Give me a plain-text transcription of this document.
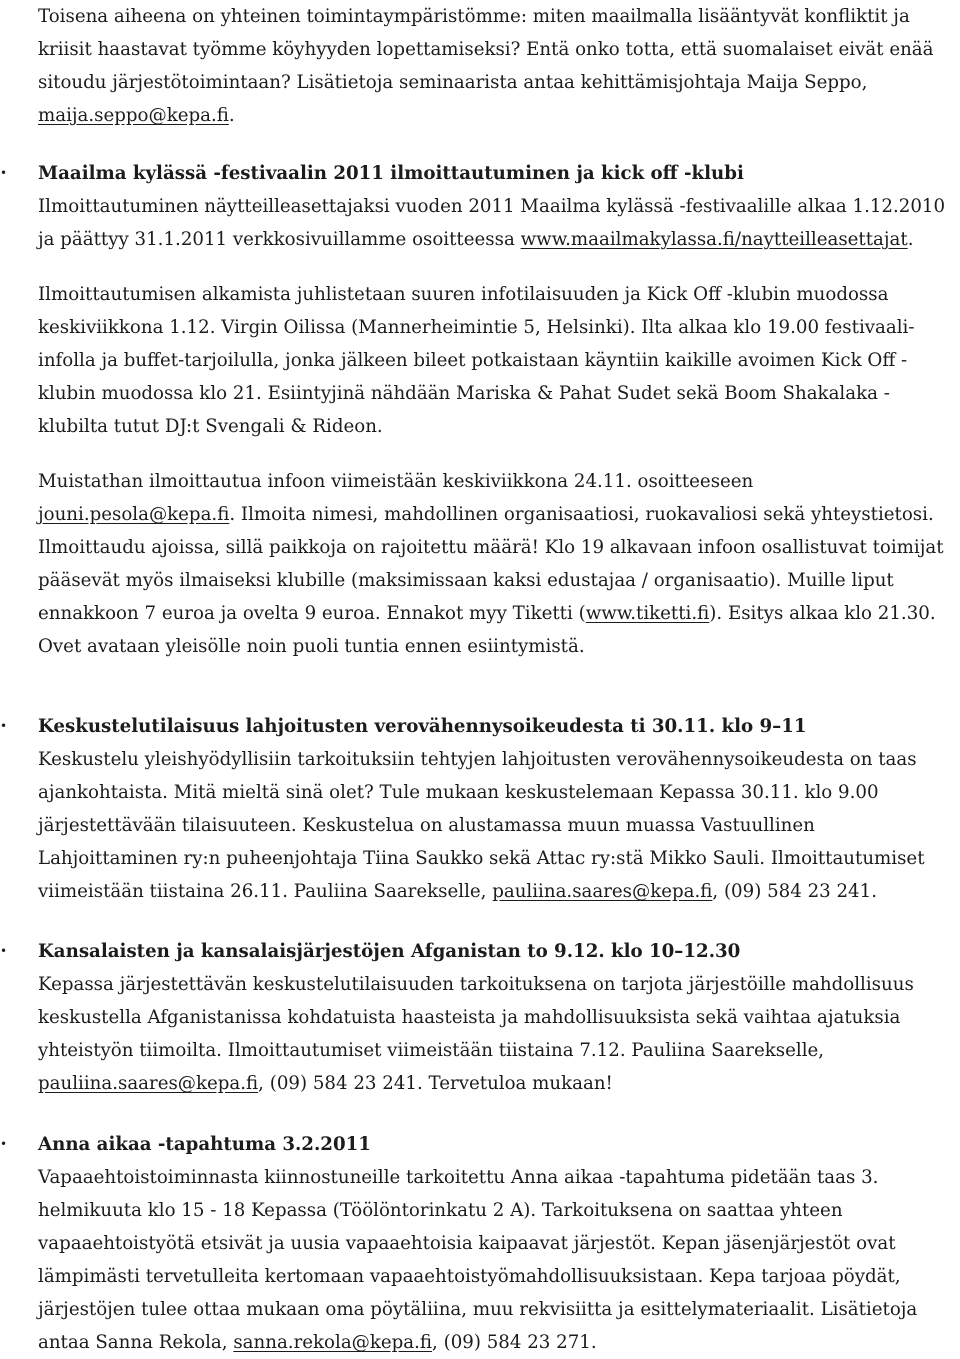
Toisena aiheena on yhteinen toimintaympäristömme: miten maailmalla lisääntyvät konfliktit ja
kriisit haastavat työmme köyhyyden lopettamiseksi? Entä onko totta, että suomalaiset eivät enää
sitoudu järjestötoimintaan? Lisätietoja seminaarista antaa kehittämisjohtaja Maija Seppo,
maija.seppo@kepa.fi.

• Maailma kylässä -festivaalin 2011 ilmoittautuminen ja kick off -klubi

Ilmoittautuminen näytteilleasettajaksi vuoden 2011 Maailma kylässä -festivaalille alkaa 1.12.2010 ja päättyy 31.1.2011 verkkosivuillamme osoitteessa www.maailmakylassa.fi/naytteilleasettajat.

Ilmoittautumisen alkamista juhlistetaan suuren infotilaisuuden ja Kick Off -klubin muodossa keskiviikkona 1.12. Virgin Oilissa (Mannerheimintie 5, Helsinki). Ilta alkaa klo 19.00 festivaali-infolla ja buffet-tarjoilulla, jonka jälkeen bileet potkaistaan käyntiin kaikille avoimen Kick Off -klubin muodossa klo 21. Esiintyjinä nähdään Mariska & Pahat Sudet sekä Boom Shakalaka -klubilta tutut DJ:t Svengali & Rideon.

Muistathan ilmoittautua infoon viimeistään keskiviikkona 24.11. osoitteeseen jouni.pesola@kepa.fi. Ilmoita nimesi, mahdollinen organisaatiosi, ruokavaliosi sekä yhteystietosi. Ilmoittaudu ajoissa, sillä paikkoja on rajoitettu määrä! Klo 19 alkavaan infoon osallistuvat toimijat pääsevät myös ilmaiseksi klubille (maksimissaan kaksi edustajaa / organisaatio). Muille liput ennakkoon 7 euroa ja ovelta 9 euroa. Ennakot myy Tiketti (www.tiketti.fi). Esitys alkaa klo 21.30. Ovet avataan yleisölle noin puoli tuntia ennen esiintymistä.

• Keskustelutilaisuus lahjoitusten verovähennysoikeudesta ti 30.11. klo 9–11

Keskustelu yleishyödyllisiin tarkoituksiin tehtyjen lahjoitusten verovähennysoikeudesta on taas ajankohtaista. Mitä mieltä sinä olet? Tule mukaan keskustelemaan Kepassa 30.11. klo 9.00 järjestettävään tilaisuuteen. Keskustelua on alustamassa muun muassa Vastuullinen Lahjoittaminen ry:n puheenjohtaja Tiina Saukko sekä Attac ry:stä Mikko Sauli. Ilmoittautumiset viimeistään tiistaina 26.11. Pauliina Saarekselle, pauliina.saares@kepa.fi, (09) 584 23 241.

• Kansalaisten ja kansalaisjärjestöjen Afganistan to 9.12. klo 10–12.30

Kepassa järjestettävän keskustelutilaisuuden tarkoituksena on tarjota järjestöille mahdollisuus keskustella Afganistanissa kohdatuista haasteista ja mahdollisuuksista sekä vaihtaa ajatuksia yhteistyön tiimoilta. Ilmoittautumiset viimeistään tiistaina 7.12. Pauliina Saarekselle, pauliina.saares@kepa.fi, (09) 584 23 241. Tervetuloa mukaan!

• Anna aikaa -tapahtuma 3.2.2011

Vapaaehtoistoiminnasta kiinnostuneille tarkoitettu Anna aikaa -tapahtuma pidetään taas 3. helmikuuta klo 15 - 18 Kepassa (Töölöntorinkatu 2 A). Tarkoituksena on saattaa yhteen vapaaehtoistyötä etsivät ja uusia vapaaehtoisia kaipaavat järjestöt. Kepan jäsenjärjestöt ovat lämpimästi tervetulleita kertomaan vapaaehtoistyömahdollisuuksistaan. Kepa tarjoaa pöydät, järjestöjen tulee ottaa mukaan oma pöytäliina, muu rekvisiitta ja esittelymateriaalit. Lisätietoja antaa Sanna Rekola, sanna.rekola@kepa.fi, (09) 584 23 271.
